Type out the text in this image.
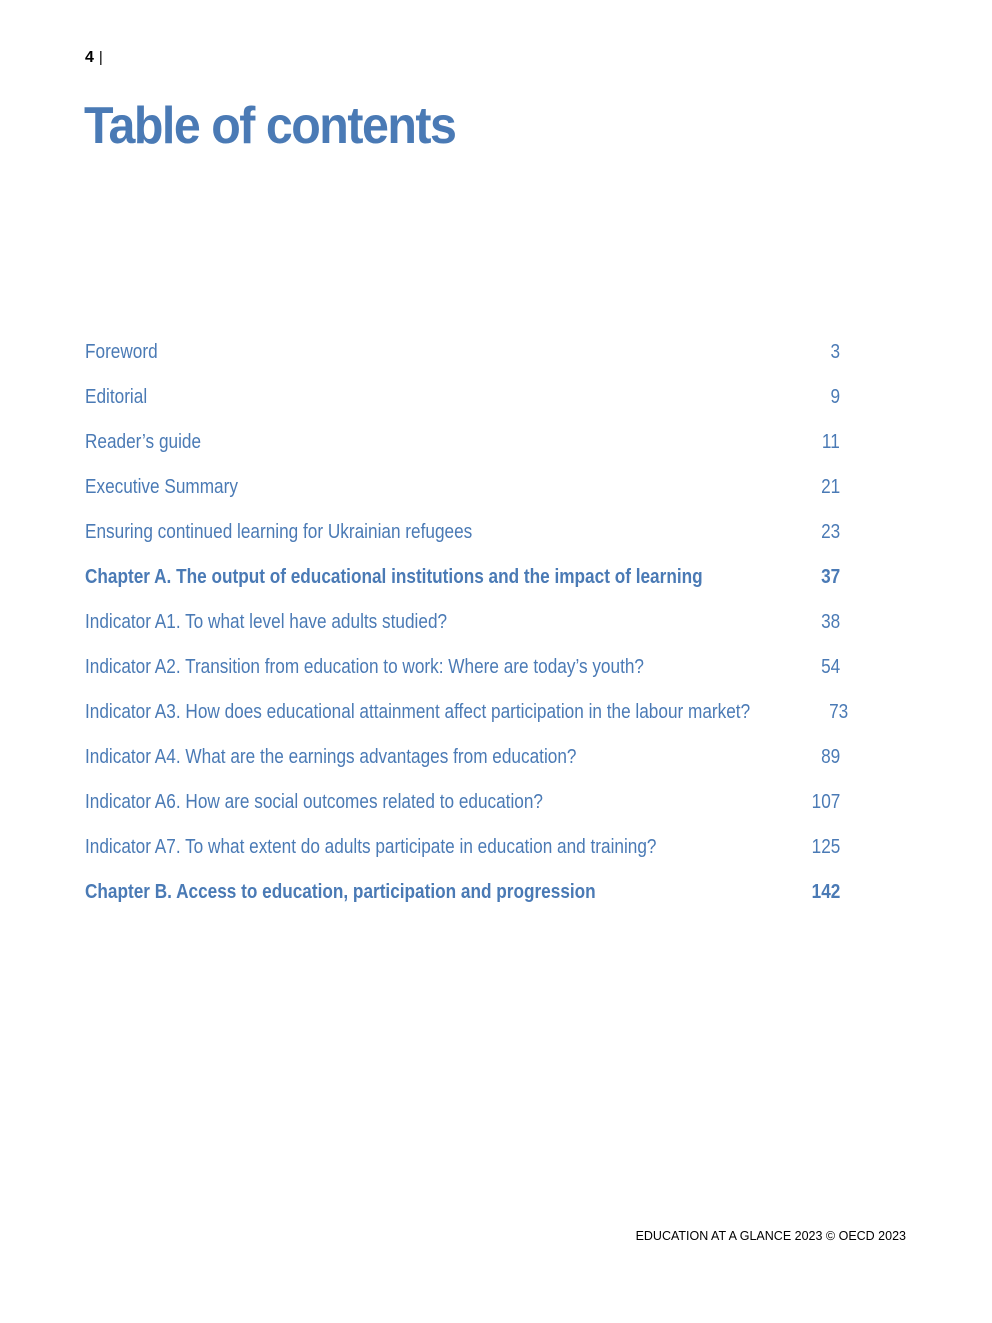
4 |
Table of contents
Foreword	3
Editorial	9
Reader’s guide	11
Executive Summary	21
Ensuring continued learning for Ukrainian refugees	23
Chapter A. The output of educational institutions and the impact of learning	37
Indicator A1. To what level have adults studied?	38
Indicator A2. Transition from education to work: Where are today’s youth?	54
Indicator A3. How does educational attainment affect participation in the labour market?	73
Indicator A4. What are the earnings advantages from education?	89
Indicator A6. How are social outcomes related to education?	107
Indicator A7. To what extent do adults participate in education and training?	125
Chapter B. Access to education, participation and progression	142
EDUCATION AT A GLANCE 2023 © OECD 2023
